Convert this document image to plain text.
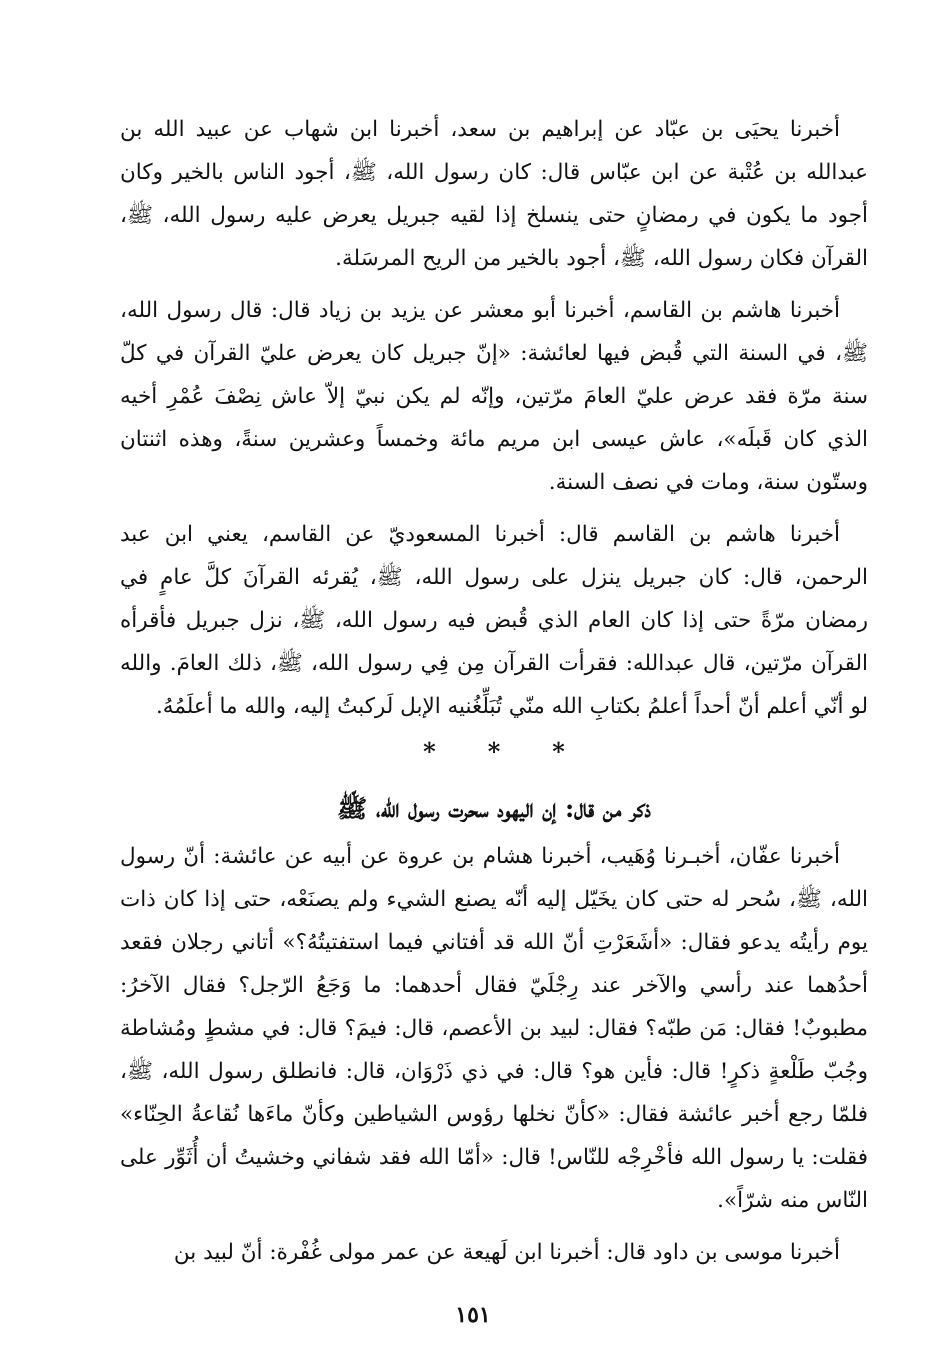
أخبرنا يحيَى بن عبّاد عن إبراهيم بن سعد، أخبرنا ابن شهاب عن عبيد الله بن عبدالله بن عُتْبة عن ابن عبّاس قال: كان رسول الله، ﷺ، أجود الناس بالخير وكان أجود ما يكون في رمضانٍ حتى ينسلخ إذا لقيه جبريل يعرض عليه رسول الله، ﷺ، القرآن فكان رسول الله، ﷺ، أجود بالخير من الريح المرسَلة.

أخبرنا هاشم بن القاسم، أخبرنا أبو معشر عن يزيد بن زياد قال: قال رسول الله، ﷺ، في السنة التي قُبض فيها لعائشة: «إنّ جبريل كان يعرض عليّ القرآن في كلّ سنة مرّة فقد عرض عليّ العامَ مرّتين، وإنّه لم يكن نبيّ إلاّ عاش نِصْفَ عُمْرِ أخيه الذي كان قَبلَه»، عاش عيسى ابن مريم مائة وخمساً وعشرين سنةً، وهذه اثنتان وستّون سنة، ومات في نصف السنة.

أخبرنا هاشم بن القاسم قال: أخبرنا المسعوديّ عن القاسم، يعني ابن عبد الرحمن، قال: كان جبريل ينزل على رسول الله، ﷺ، يُقرئه القرآنَ كلَّ عامٍ في رمضان مرّةً حتى إذا كان العام الذي قُبض فيه رسول الله، ﷺ، نزل جبريل فأقرأه القرآن مرّتين، قال عبدالله: فقرأت القرآن مِن فِي رسول الله، ﷺ، ذلك العامَ. والله لو أنّي أعلم أنّ أحداً أعلمُ بكتابِ الله منّي تُبَلِّغُنيه الإبل لَركبتُ إليه، والله ما أعلَمُهُ.

* * *
ذكر من قال: إن اليهود سحرت رسول الله، ﷺ

أخبرنا عفّان، أخبـرنا وُهَيب، أخبرنا هشام بن عروة عن أبيه عن عائشة: أنّ رسول الله، ﷺ، سُحر له حتى كان يخَيّل إليه أنّه يصنع الشيء ولم يصنَعْه، حتى إذا كان ذات يوم رأيتُه يدعو فقال: «أشَعَرْتِ أنّ الله قد أفتاني فيما استفتيتُهُ؟» أتاني رجلان فقعد أحدُهما عند رأسي والآخر عند رِجْلَيّ فقال أحدهما: ما وَجَعُ الرّجل؟ فقال الآخرُ: مطبوبٌ! فقال: مَن طبّه؟ فقال: لبيد بن الأعصم، قال: فيمَ؟ قال: في مشطٍ ومُشاطة وجُبّ طَلْعةٍ ذكرٍ! قال: فأين هو؟ قال: في ذي ذَرْوَان، قال: فانطلق رسول الله، ﷺ، فلمّا رجع أخبر عائشة فقال: «كأنّ نخلها رؤوس الشياطين وكأنّ ماءَها نُقاعةُ الحِنّاء» فقلت: يا رسول الله فأخْرِجْه للنّاس! قال: «أمّا الله فقد شفاني وخشيتُ أن أُثَوِّر على النّاس منه شرّاً».

أخبرنا موسى بن داود قال: أخبرنا ابن لَهيعة عن عمر مولى غُفْرة: أنّ لبيد بن

١٥١
